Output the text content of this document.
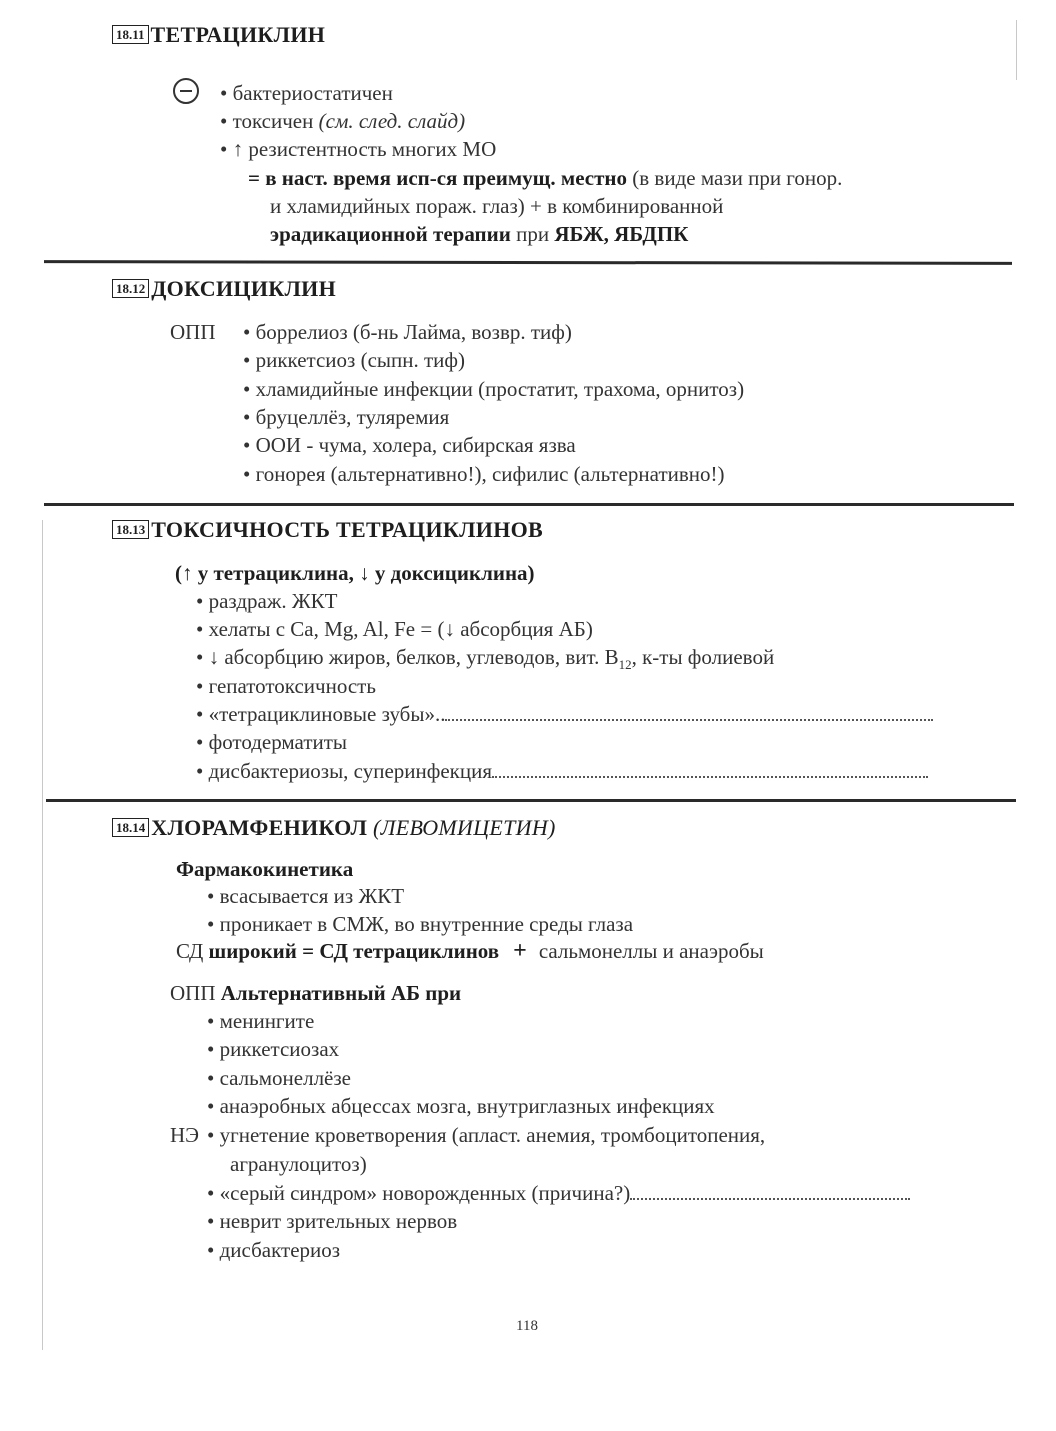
18.11 ТЕТРАЦИКЛИН
• бактериостатичен
• токсичен (см. след. слайд)
• ↑ резистентность многих МО
= в наст. время исп-ся преимущ. местно (в виде мази при гонор.
и хламидийных пораж. глаз) + в комбинированной
эрадикационной терапии при ЯБЖ, ЯБДПК
18.12 ДОКСИЦИКЛИН
ОПП • боррелиоз (б-нь Лайма, возвр. тиф)
• риккетсиоз (сыпн. тиф)
• хламидийные инфекции (простатит, трахома, орнитоз)
• бруцеллёз, туляремия
• ООИ - чума, холера, сибирская язва
• гонорея (альтернативно!), сифилис (альтернативно!)
18.13 ТОКСИЧНОСТЬ ТЕТРАЦИКЛИНОВ
(↑ у тетрациклина, ↓ у доксициклина)
• раздраж. ЖКТ
• хелаты с Ca, Mg, Al, Fe = (↓ абсорбция АБ)
• ↓ абсорбцию жиров, белков, углеводов, вит. $B_{12}$, к-ты фолиевой
• гепатотоксичность
• «тетрациклиновые зубы»..
• фотодерматиты
• дисбактериозы, суперинфекция
18.14 ХЛОРАМФЕНИКОЛ (ЛЕВОМИЦЕТИН)
Фармакокинетика
• всасывается из ЖКТ
• проникает в СМЖ, во внутренние среды глаза
СД широкий = СД тетрациклинов + сальмонеллы и анаэробы
ОПП Альтернативный АБ при
• менингите
• риккетсиозах
• сальмонеллёзе
• анаэробных абцессах мозга, внутриглазных инфекциях
НЭ • угнетение кроветворения (апласт. анемия, тромбоцитопения,
агранулоцитоз)
• «серый синдром» новорожденных (причина?)
• неврит зрительных нервов
• дисбактериоз
118
